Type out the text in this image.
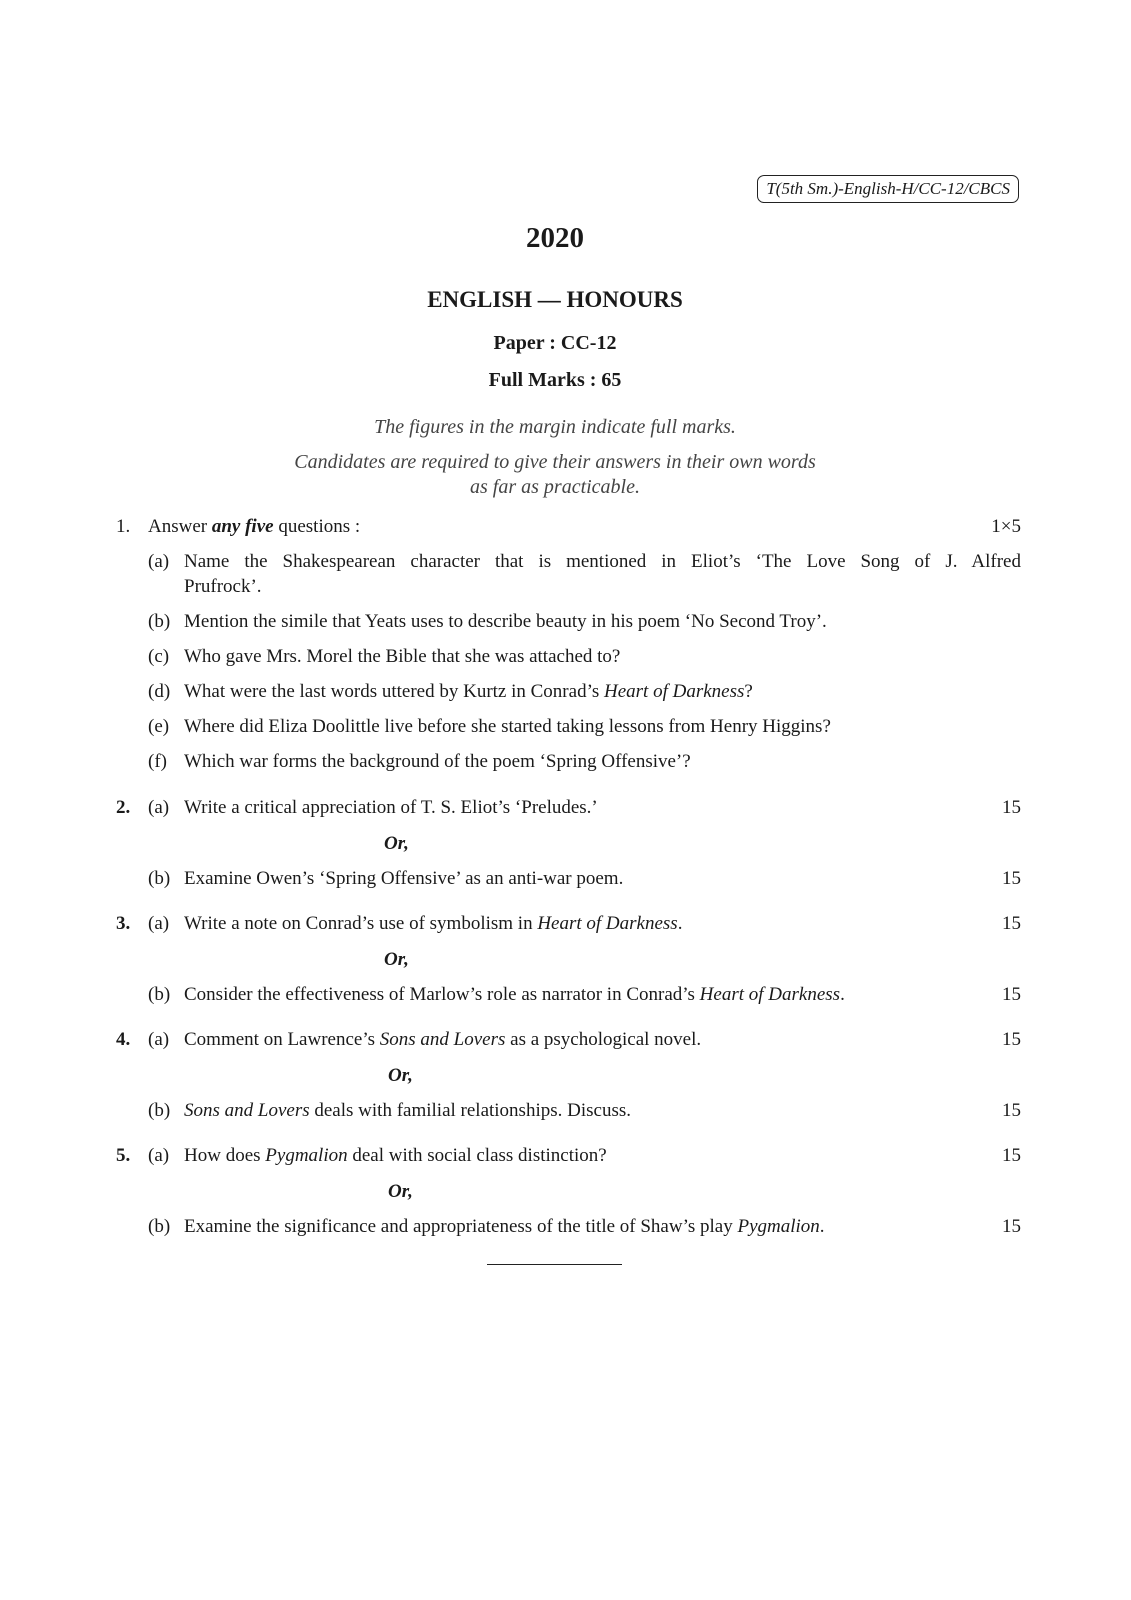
T(5th Sm.)-English-H/CC-12/CBCS
2020
ENGLISH — HONOURS
Paper : CC-12
Full Marks : 65
The figures in the margin indicate full marks.
Candidates are required to give their answers in their own words
as far as practicable.
1. Answer any five questions :	1×5
(a) Name the Shakespearean character that is mentioned in Eliot’s ‘The Love Song of J. Alfred
Prufrock’.
(b) Mention the simile that Yeats uses to describe beauty in his poem ‘No Second Troy’.
(c) Who gave Mrs. Morel the Bible that she was attached to?
(d) What were the last words uttered by Kurtz in Conrad’s Heart of Darkness?
(e) Where did Eliza Doolittle live before she started taking lessons from Henry Higgins?
(f) Which war forms the background of the poem ‘Spring Offensive’?
2. (a) Write a critical appreciation of T. S. Eliot’s ‘Preludes.’	15
Or,
(b) Examine Owen’s ‘Spring Offensive’ as an anti-war poem.	15
3. (a) Write a note on Conrad’s use of symbolism in Heart of Darkness.	15
Or,
(b) Consider the effectiveness of Marlow’s role as narrator in Conrad’s Heart of Darkness.	15
4. (a) Comment on Lawrence’s Sons and Lovers as a psychological novel.	15
Or,
(b) Sons and Lovers deals with familial relationships. Discuss.	15
5. (a) How does Pygmalion deal with social class distinction?	15
Or,
(b) Examine the significance and appropriateness of the title of Shaw’s play Pygmalion.	15
